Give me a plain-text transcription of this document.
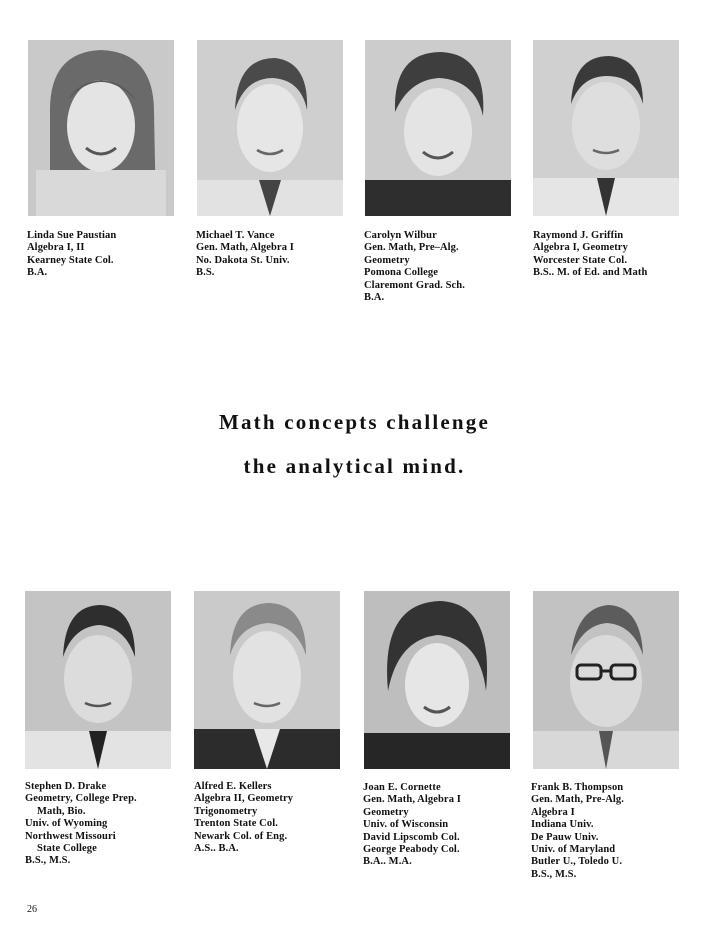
Linda Sue Paustian
Algebra I, II
Kearney State Col.
B.A.
Michael T. Vance
Gen. Math, Algebra I
No. Dakota St. Univ.
B.S.
Carolyn Wilbur
Gen. Math, Pre–Alg.
Geometry
Pomona College
Claremont Grad. Sch.
B.A.
Raymond J. Griffin
Algebra I, Geometry
Worcester State Col.
B.S.. M. of Ed. and Math
Math concepts challenge
the analytical mind.
Stephen D. Drake
Geometry, College Prep.
Math, Bio.
Univ. of Wyoming
Northwest Missouri
State College
B.S., M.S.
Alfred E. Kellers
Algebra II, Geometry
Trigonometry
Trenton State Col.
Newark Col. of Eng.
A.S.. B.A.
Joan E. Cornette
Gen. Math, Algebra I
Geometry
Univ. of Wisconsin
David Lipscomb Col.
George Peabody Col.
B.A.. M.A.
Frank B. Thompson
Gen. Math, Pre-Alg.
Algebra I
Indiana Univ.
De Pauw Univ.
Univ. of Maryland
Butler U., Toledo U.
B.S., M.S.
26
